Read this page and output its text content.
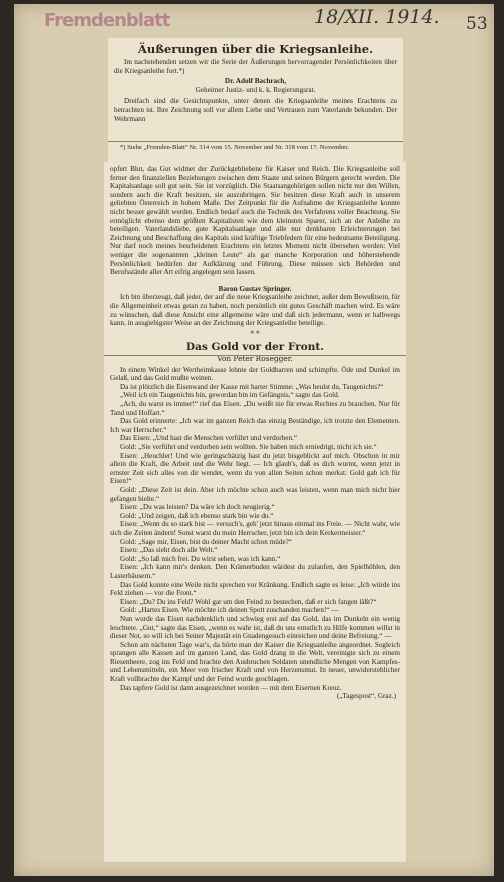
Fremdenblatt	18/XII. 1914. 53
Äußerungen über die Kriegsanleihe.

Im nachstehenden setzen wir die Serie der Äußerungen hervorragender Persönlichkeiten über die Kriegsanleihe fort.*)

Dr. Adolf Bachrach,

Geheimer Justiz- und k. k. Regierungsrat.

Dreifach sind die Gesichtspunkte, unter denen die Kriegsanleihe meines Erachtens zu betrachten ist. Ihre Zeichnung soll vor allem Liebe und Vertrauen zum Vaterlande bekunden. Der Wehrmann

*) Siehe „Fremden-Blatt“ Nr. 314 vom 15. November und Nr. 318 vom 17. November.

opfert Blut, das Gut widmet der Zurückgebliebene für Kaiser und Reich. Die Kriegsanleihe soll ferner den finanziellen Beziehungen zwischen dem Staate und seinen Bürgern gerecht werden. Die Kapitalsanlage soll gut sein. Sie ist vorzüglich. Die Staatsangehörigen sollen nicht nur den Willen, sondern auch die Kraft besitzen, sie auszubringen. Sie besitzen diese Kraft auch in unserem geliebten Österreich in hohem Maße. Der Zeitpunkt für die Aufnahme der Kriegsanleihe konnte nicht besser gewählt werden. Endlich bedarf auch die Technik des Verfahrens voller Beachtung. Sie ermöglicht ebenso dem größten Kapitalisten wie dem kleinsten Sparer, sich an der Anleihe zu beteiligen. Vaterlandsliebe, gute Kapitalsanlage und alle nur denkbaren Erleichterungen bei Zeichnung und Beschaffung des Kapitals sind kräftige Triebfedern für eine bedeutsame Beteiligung. Nur darf noch meines bescheidenen Erachtens ein letztes Moment nicht übersehen werden: Viel weniger die sogenannten „kleinen Leute“ als gar manche Korporation und höherstehende Persönlichkeit bedürfen der Aufklärung und Führung. Diese müssen sich Behörden und Berufsstände aller Art eifrig angelegen sein lassen.

Baron Gustav Springer.

Ich bin überzeugt, daß jeder, der auf die neue Kriegsanleihe zeichnet, außer dem Bewußtsein, für die Allgemeinheit etwas getan zu haben, noch persönlich ein gutes Geschäft machen wird. Es wäre zu wünschen, daß diese Ansicht eine allgemeine wäre und daß sich jedermann, wenn er halbwegs kann, in ausgiebigster Weise an der Zeichnung der Kriegsanleihe beteilige.

* *
Das Gold vor der Front.
Von Peter Rosegger.

In einem Winkel der Wertheimkasse lehnte der Goldbarren und schimpfte. Öde und Dunkel im Gelaß, und das Gold mußte weinen.

Da ist plötzlich die Eisenwand der Kasse mit harter Stimme: „Was heulst du, Taugenichts?“

„Weil ich ein Taugenichts bin, gewordan bin im Gefängnis,“ sagte das Gold.

„Ach, du warst es immer!“ rief das Eisen. „Du weißt nie für etwas Rechtes zu brauchen. Nur für Tand und Hoffart.“

Das Gold erinnerte: „Ich war im ganzen Reich das einzig Beständige, ich trotzte den Elementen. Ich war Herrscher.“

Das Eisen: „Und hast die Menschen verführt und verdorben.“

Gold: „Sie verführt und verdorben sein wollten. Sie haben mich erniedrigt, nicht ich sie.“

Eisen: „Heuchler! Und wie geringschätzig hast du jetzt bisgeblickt auf mich. Obschon in mir allein die Kraft, die Arbeit und die Wehr liegt. — Ich glaub's, daß es dich wurmt, wenn jetzt in ernster Zeit sich alles von dir wendet, wenn du von allen Seiten schon merkst: Gold gab ich für Eisen!“

Gold: „Diese Zeit ist dein. Aber ich möchte schon auch was leisten, wenn man mich nicht hier gefangen hielte.“

Eisen: „Du was leisten? Da wäre ich doch neugierig.“

Gold: „Und zeigen, daß ich ebenso stark bin wie du.“

Eisen: „Wenn du so stark bist — versuch's, geh' jetzt hinaus einmal ins Freie. — Nicht wahr, wie sich die Zeiten ändern! Sonst warst du mein Herrscher, jetzt bin ich dein Kerkermeister.“

Gold: „Sage mir, Eisen, bist du deiner Macht schon müde?“

Eisen: „Das sieht doch alle Welt.“

Gold: „So laß mich frei. Du wirst sehen, was ich kann.“

Eisen: „Ich kann mir's denken. Den Krämerbuden wärdest du zulaufen, den Spielhöhlen, den Lasterhäusern.“

Das Gold konnte eine Weile nicht sprechen vor Kränkung. Endlich sagte es leise: „Ich würde ins Feld ziehen — vor die Front.“

Eisen: „Du? Du ins Feld? Wohl gar um den Feind zu bestechen, daß er sich fangen läßt?“

Gold: „Hartes Eisen. Wie möchte ich deinen Spott zuschanden machen!“ —

Nun wurde das Eisen nachdenklich und schwieg erst auf das Gold, das im Dunkeln ein wenig leuchtete. „Gut,“ sagte das Eisen, „wenn es wahr ist, daß du uns ernstlich zu Hilfe kommen willst in dieser Not, so will ich bei Seiner Majestät ein Gnadengesuch einreichen und deine Befreiung.“ —

Schon am nächsten Tage war's, da hörte man der Kaiser die Kriegsanleihe angeordnet. Sogleich sprangen alle Kassen auf im ganzen Land, das Gold drang in die Welt, vereinigte sich zu einem Riesenheere, zog ins Feld und brachte den Ausbruchen Soldaten unendliche Mengen von Kampfes- und Lebensmitteln, ein Meer von frischer Kraft und von Herzensmut. In neuer, unwiderstehlicher Kraft vollbrachte der Kampf und der Feind wurde geschlagen.

Das tapfere Gold ist dann ausgezeichnet worden — mit dem Eisernen Kreuz.

(„Tagespost“, Graz.)
